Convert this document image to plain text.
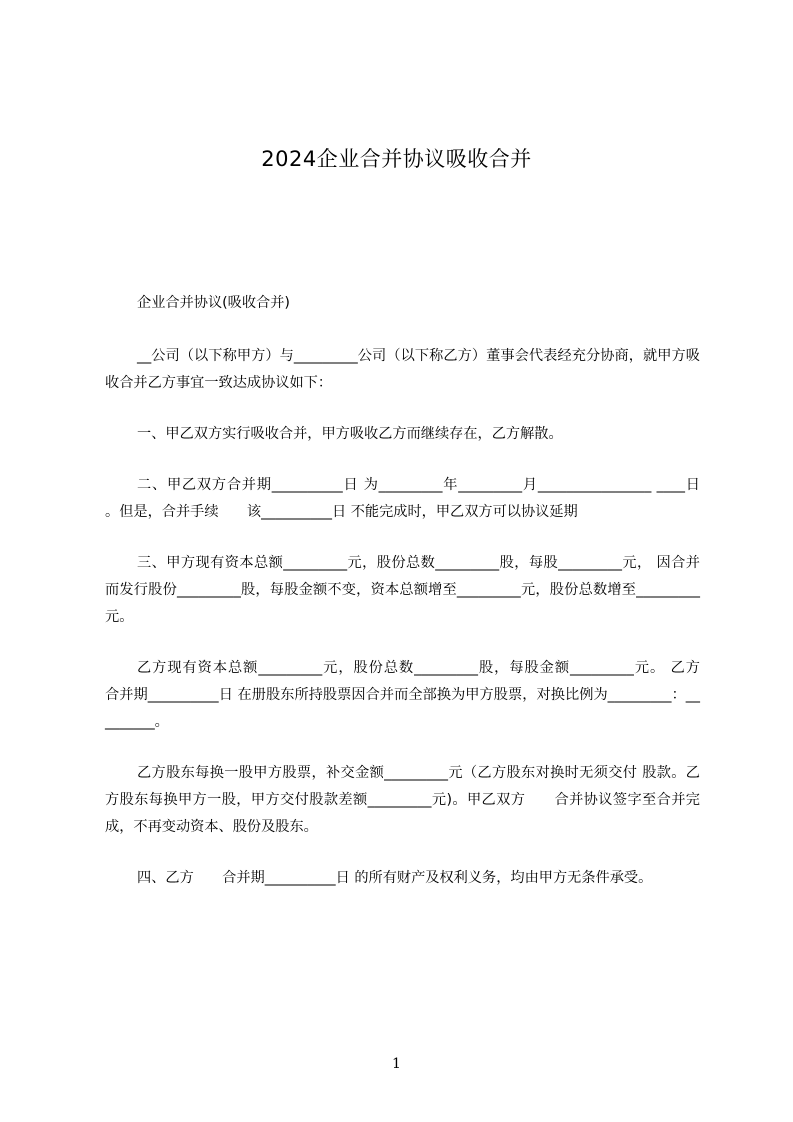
2024企业合并协议吸收合并

企业合并协议(吸收合并)

__公司（以下称甲方）与_________公司（以下称乙方）董事会代表经充分协商，就甲方吸收合并乙方事宜一致达成协议如下：

一、甲乙双方实行吸收合并，甲方吸收乙方而继续存在，乙方解散。

二、甲乙双方合并期__________日 为_________年_________月________________ ____日 。但是，合并手续　　该__________日 不能完成时，甲乙双方可以协议延期

三、甲方现有资本总额_________元，股份总数_________股，每股_________元， 因合并而发行股份_________股，每股金额不变，资本总额增至_________元，股份总数增至_________元。

乙方现有资本总额_________元，股份总数_________股，每股金额_________元。 乙方　　合并期__________日 在册股东所持股票因合并而全部换为甲方股票，对换比例为_________：_________。

乙方股东每换一股甲方股票，补交金额_________元（乙方股东对换时无须交付 股款。乙方股东每换甲方一股，甲方交付股款差额_________元)。甲乙双方　　合并协议签字至合并完成，不再变动资本、股份及股东。

四、乙方　　合并期__________日 的所有财产及权利义务，均由甲方无条件承受。

1
